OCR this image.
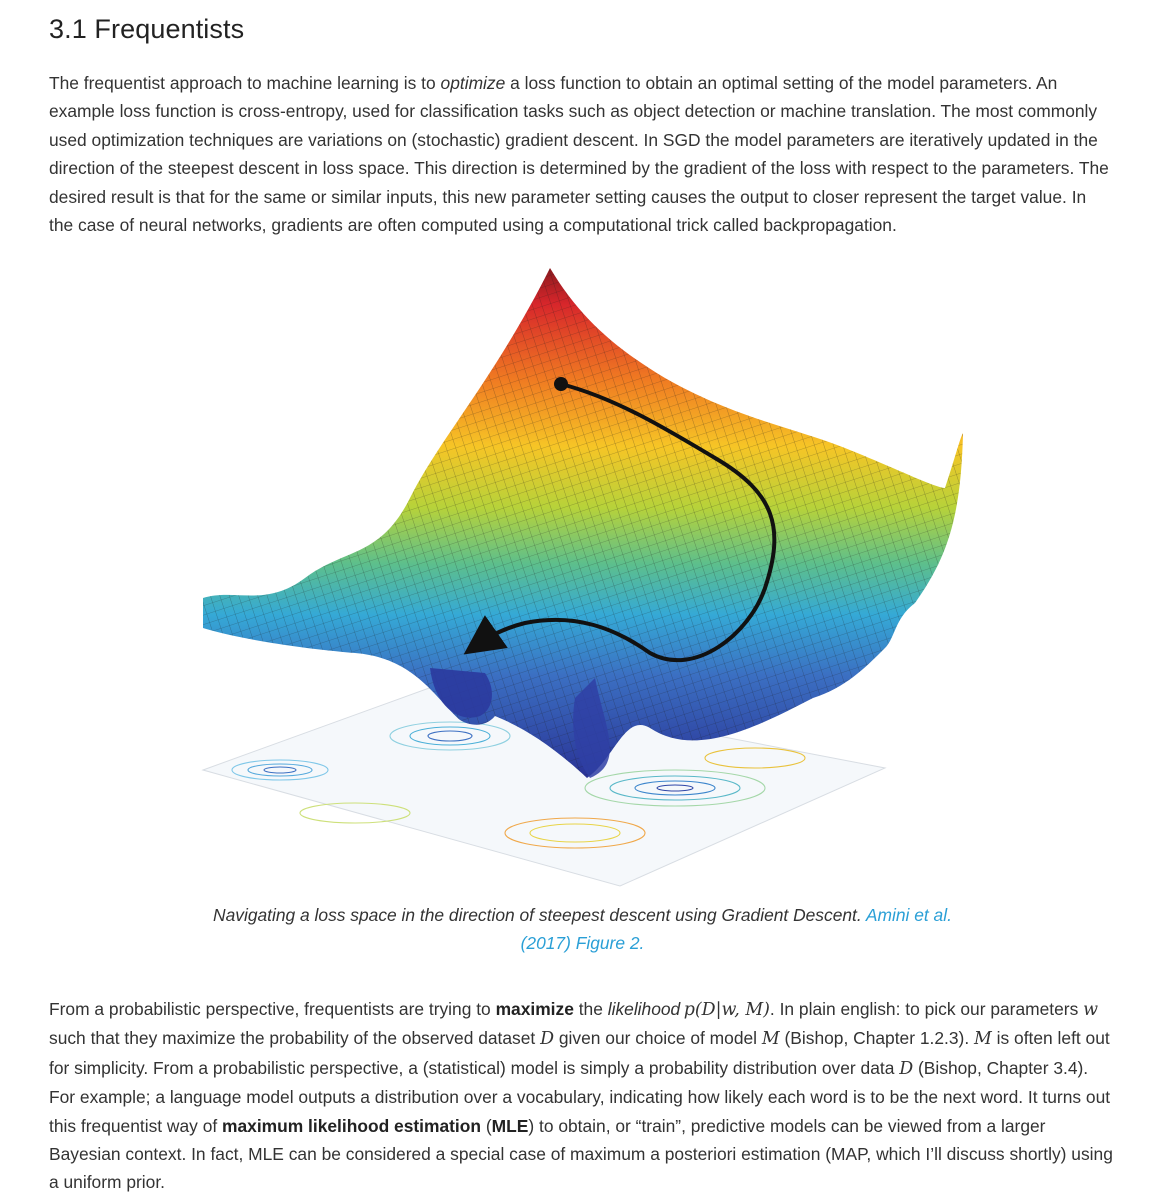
3.1 Frequentists

The frequentist approach to machine learning is to optimize a loss function to obtain an optimal setting of the model parameters. An example loss function is cross-entropy, used for classification tasks such as object detection or machine translation. The most commonly used optimization techniques are variations on (stochastic) gradient descent. In SGD the model parameters are iteratively updated in the direction of the steepest descent in loss space. This direction is determined by the gradient of the loss with respect to the parameters. The desired result is that for the same or similar inputs, this new parameter setting causes the output to closer represent the target value. In the case of neural networks, gradients are often computed using a computational trick called backpropagation.

Navigating a loss space in the direction of steepest descent using Gradient Descent. Amini et al. (2017) Figure 2.

From a probabilistic perspective, frequentists are trying to maximize the likelihood  p(D|w, M). In plain english: to pick our parameters w such that they maximize the probability of the observed dataset D given our choice of model M (Bishop, Chapter 1.2.3). M is often left out for simplicity. From a probabilistic perspective, a (statistical) model is simply a probability distribution over data D (Bishop, Chapter 3.4). For example; a language model outputs a distribution over a vocabulary, indicating how likely each word is to be the next word. It turns out this frequentist way of maximum likelihood estimation (MLE) to obtain, or “train”, predictive models can be viewed from a larger Bayesian context. In fact, MLE can be considered a special case of maximum a posteriori estimation (MAP, which I’ll discuss shortly) using a uniform prior.
